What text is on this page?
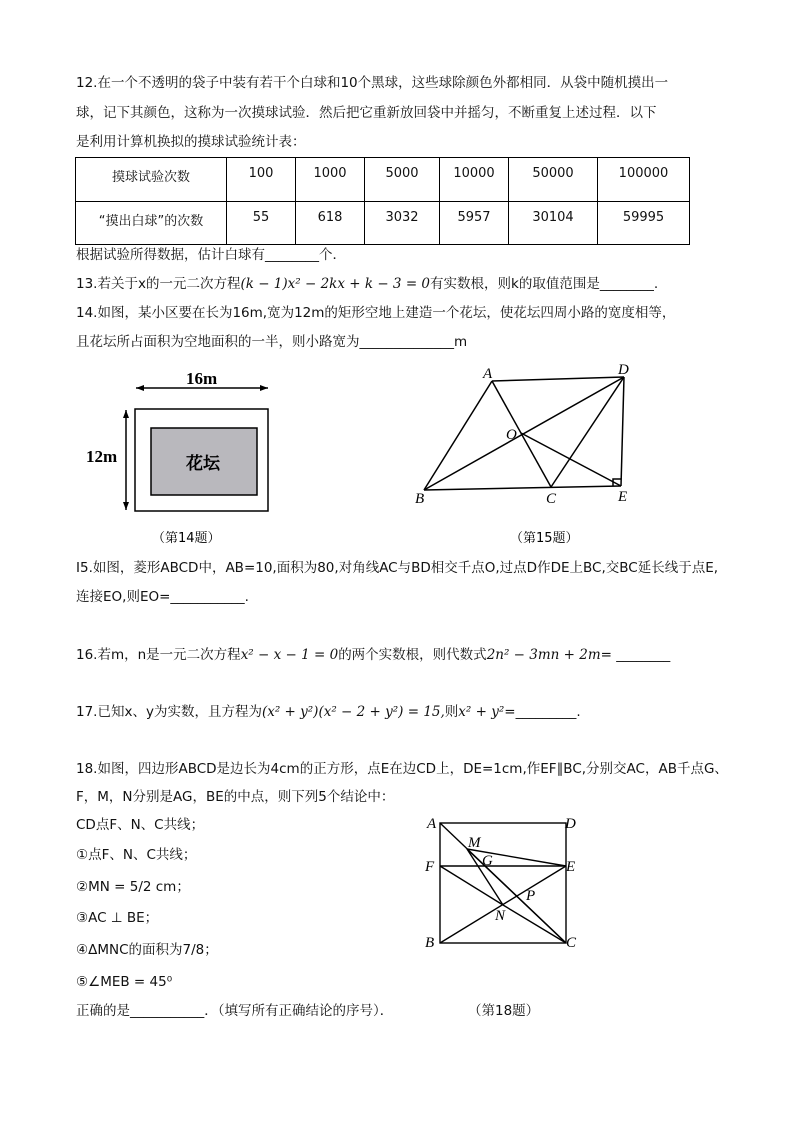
12.在一个不透明的袋子中装有若干个白球和10个黑球，这些球除颜色外都相同．从袋中随机摸出一
球，记下其颜色，这称为一次摸球试验．然后把它重新放回袋中并摇匀，不断重复上述过程．以下
是利用计算机换拟的摸球试验统计表：
摸球试验次数	100	1000	5000	10000	50000	100000
“摸出白球”的次数	55	618	3032	5957	30104	59995
根据试验所得数据，估计白球有________个．
13.若关于x的一元二次方程(k − 1)x² − 2kx + k − 3 = 0有实数根，则k的取值范围是________.
14.如图，某小区要在长为16m,宽为12m的矩形空地上建造一个花坛，使花坛四周小路的宽度相等，
且花坛所占面积为空地面积的一半，则小路宽为______________m
16m
花坛
12m
（第14题）
A	D
O
B	C	E
（第15题）
I5.如图，菱形ABCD中，AB=10,面积为80,对角线AC与BD相交千点O,过点D作DE上BC,交BC延长线于点E,
连接EO,则EO=___________.
16.若m，n是一元二次方程x² − x − 1 = 0的两个实数根，则代数式2n² − 3mn + 2m= ________
17.已知x、y为实数，且方程为(x² + y²)(x² − 2 + y²) = 15,则x² + y²=_________.
18.如图，四边形ABCD是边长为4cm的正方形，点E在边CD上，DE=1cm,作EF∥BC,分别交AC，AB千点G、
F，M，N分别是AG，BE的中点，则下列5个结论中：
CD点F、N、C共线；
①点F、N、C共线；
②MN = 5/2 cm；
③AC ⊥ BE；
④ΔMNC的面积为7/8；
⑤∠MEB = 45⁰
正确的是___________．（填写所有正确结论的序号）．	（第18题）
A	D
M
G
F	E
P
N
B	C
